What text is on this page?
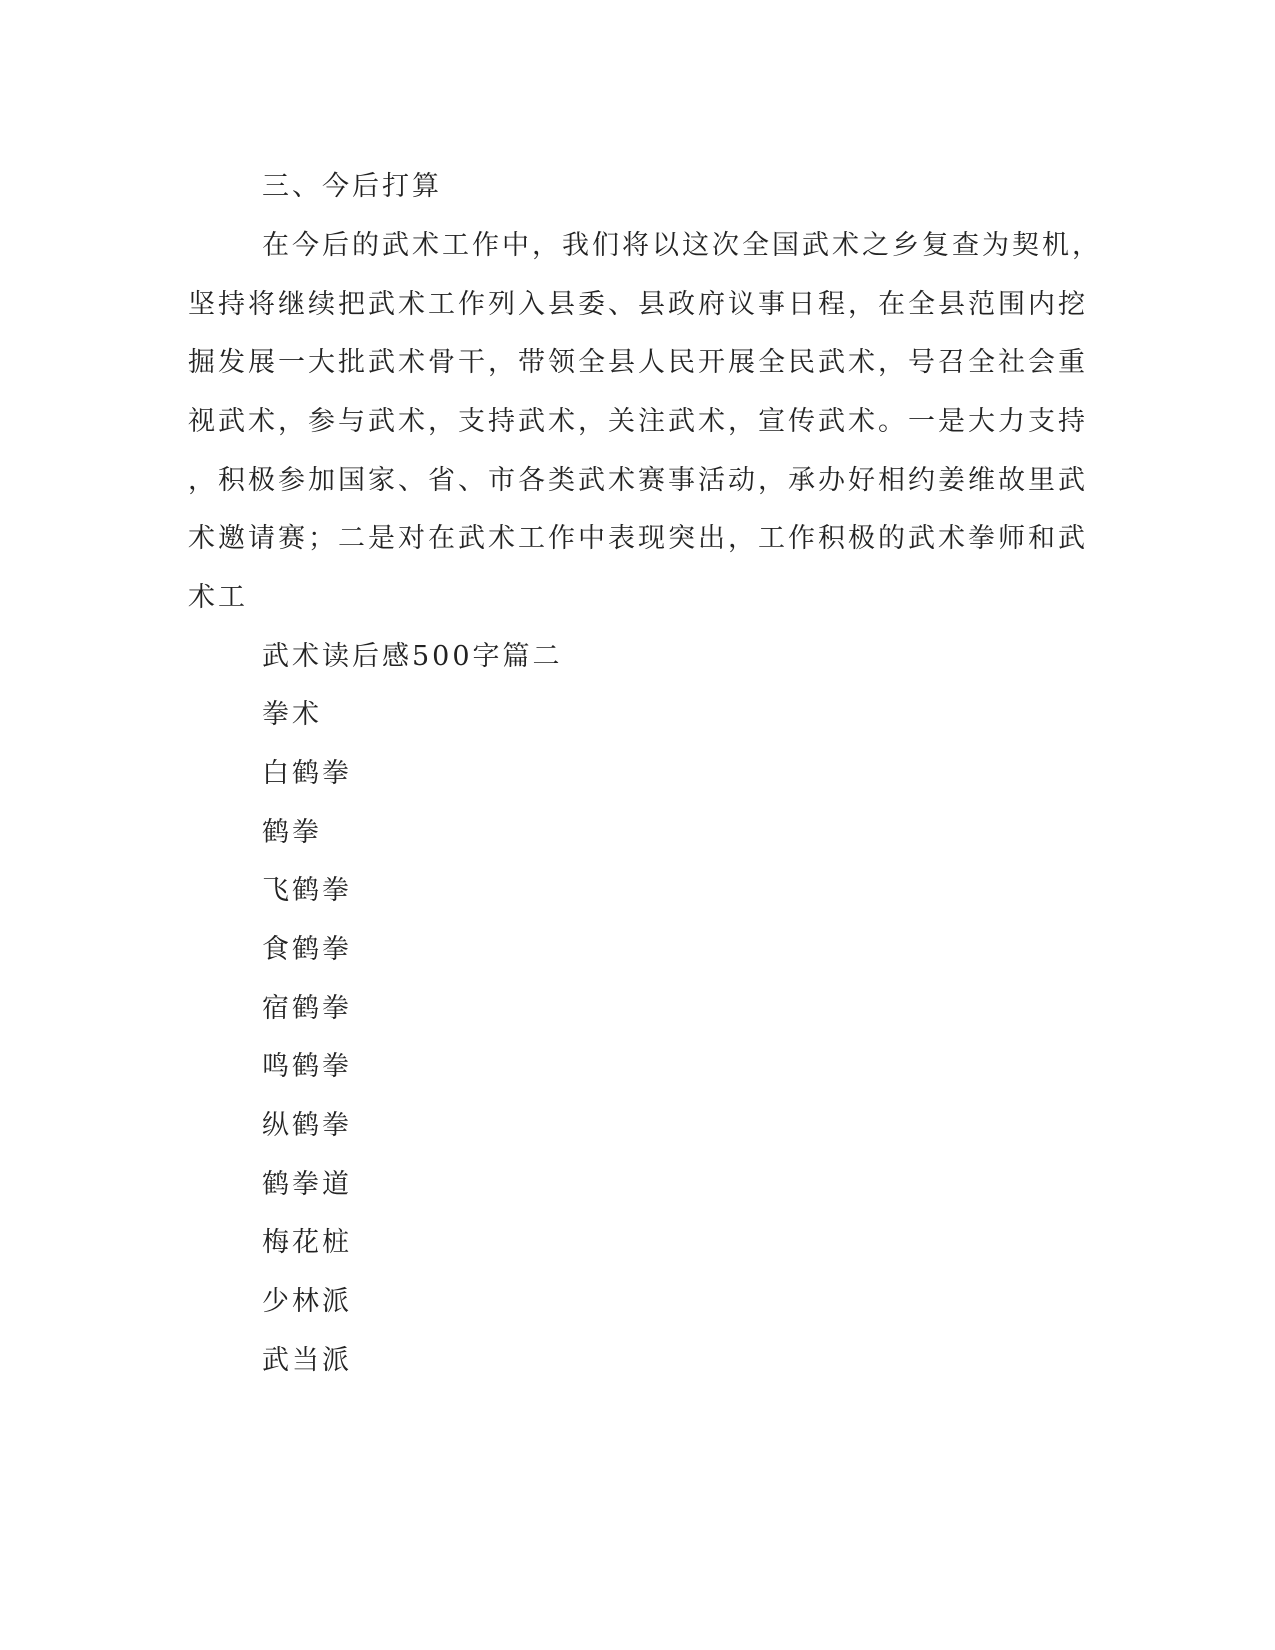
三、今后打算
在今后的武术工作中，我们将以这次全国武术之乡复查为契机，
坚持将继续把武术工作列入县委、县政府议事日程，在全县范围内挖
掘发展一大批武术骨干，带领全县人民开展全民武术，号召全社会重
视武术，参与武术，支持武术，关注武术，宣传武术。一是大力支持
，积极参加国家、省、市各类武术赛事活动，承办好相约姜维故里武
术邀请赛；二是对在武术工作中表现突出，工作积极的武术拳师和武
术工
武术读后感500字篇二
拳术
白鹤拳
鹤拳
飞鹤拳
食鹤拳
宿鹤拳
鸣鹤拳
纵鹤拳
鹤拳道
梅花桩
少林派
武当派
